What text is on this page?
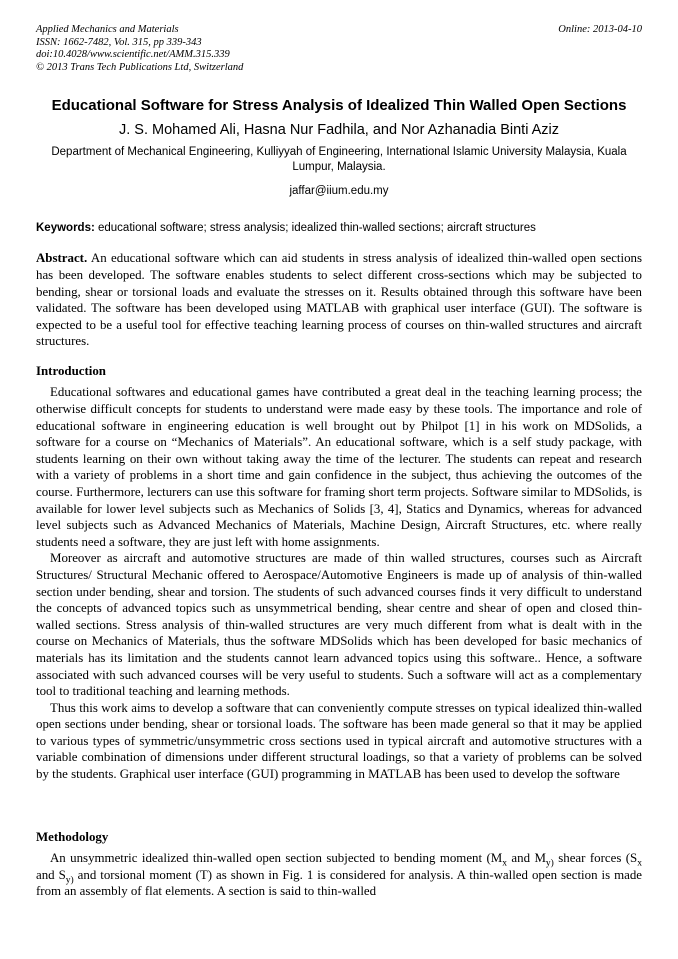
Applied Mechanics and Materials
ISSN: 1662-7482, Vol. 315, pp 339-343
doi:10.4028/www.scientific.net/AMM.315.339
© 2013 Trans Tech Publications Ltd, Switzerland
Online: 2013-04-10
Educational Software for Stress Analysis of Idealized Thin Walled Open Sections
J. S. Mohamed Ali, Hasna Nur Fadhila, and Nor Azhanadia Binti Aziz
Department of Mechanical Engineering, Kulliyyah of Engineering, International Islamic University Malaysia, Kuala Lumpur, Malaysia.
jaffar@iium.edu.my
Keywords: educational software; stress analysis; idealized thin-walled sections; aircraft structures

Abstract. An educational software which can aid students in stress analysis of idealized thin-walled open sections has been developed. The software enables students to select different cross-sections which may be subjected to bending, shear or torsional loads and evaluate the stresses on it. Results obtained through this software have been validated. The software has been developed using MATLAB with graphical user interface (GUI). The software is expected to be a useful tool for effective teaching learning process of courses on thin-walled structures and aircraft structures.

Introduction

Educational softwares and educational games have contributed a great deal in the teaching learning process; the otherwise difficult concepts for students to understand were made easy by these tools. The importance and role of educational software in engineering education is well brought out by Philpot [1] in his work on MDSolids, a software for a course on “Mechanics of Materials”. An educational software, which is a self study package, with students learning on their own without taking away the time of the lecturer. The students can repeat and research with a variety of problems in a short time and gain confidence in the subject, thus achieving the outcomes of the course. Furthermore, lecturers can use this software for framing short term projects. Software similar to MDSolids, is available for lower level subjects such as Mechanics of Solids [3, 4], Statics and Dynamics, whereas for advanced level subjects such as Advanced Mechanics of Materials, Machine Design, Aircraft Structures, etc. where really students need a software, they are just left with home assignments.

Moreover as aircraft and automotive structures are made of thin walled structures, courses such as Aircraft Structures/ Structural Mechanic offered to Aerospace/Automotive Engineers is made up of analysis of thin-walled section under bending, shear and torsion. The students of such advanced courses finds it very difficult to understand the concepts of advanced topics such as unsymmetrical bending, shear centre and shear of open and closed thin-walled sections. Stress analysis of thin-walled structures are very much different from what is dealt with in the course on Mechanics of Materials, thus the software MDSolids which has been developed for basic mechanics of materials has its limitation and the students cannot learn advanced topics using this software.. Hence, a software associated with such advanced courses will be very useful to students. Such a software will act as a complementary tool to traditional teaching and learning methods.

Thus this work aims to develop a software that can conveniently compute stresses on typical idealized thin-walled open sections under bending, shear or torsional loads. The software has been made general so that it may be applied to various types of symmetric/unsymmetric cross sections used in typical aircraft and automotive structures with a variable combination of dimensions under different structural loadings, so that a variety of problems can be solved by the students. Graphical user interface (GUI) programming in MATLAB has been used to develop the software

Methodology

An unsymmetric idealized thin-walled open section subjected to bending moment ($M_x$ and $M_{y)}$ shear forces ($S_x$ and $S_{y)}$ and torsional moment (T) as shown in Fig. 1 is considered for analysis. A thin-walled open section is made from an assembly of flat elements. A section is said to thin-walled
